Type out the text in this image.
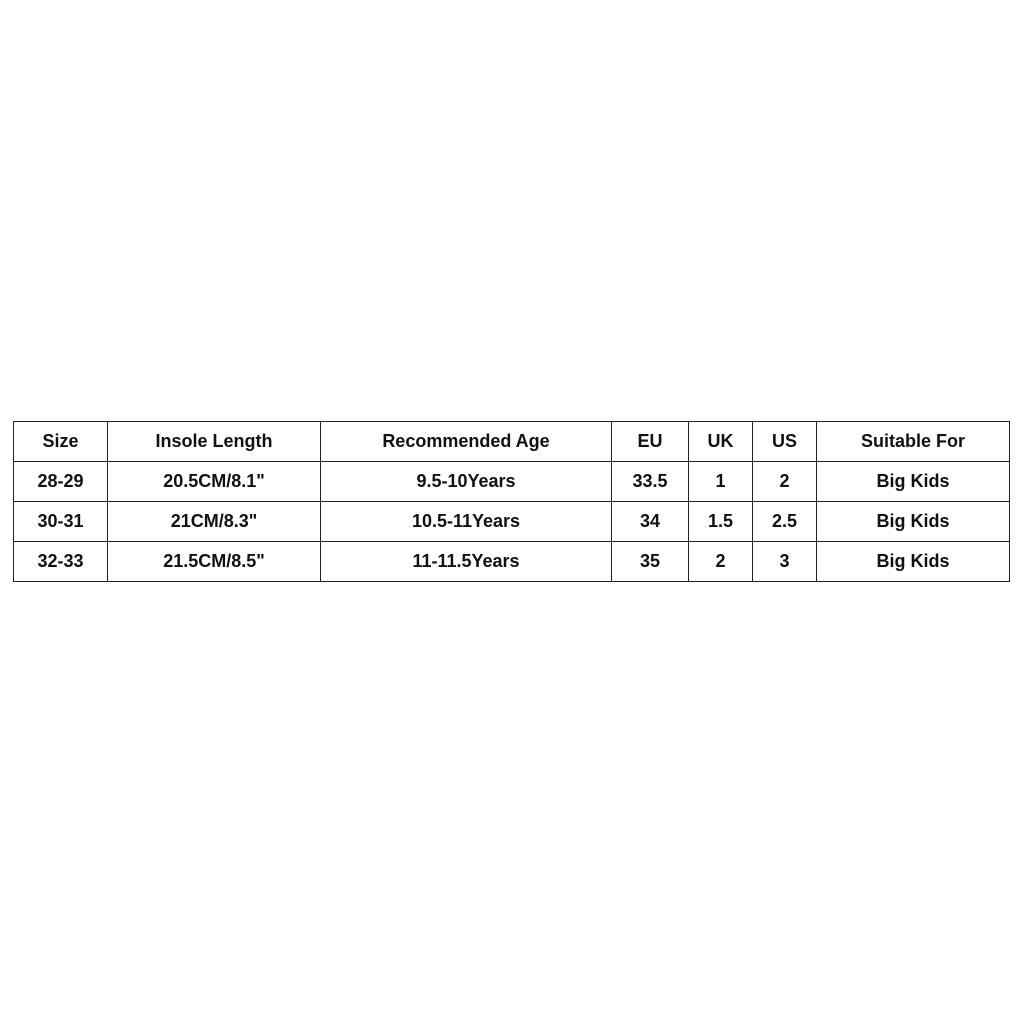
Size	Insole Length	Recommended Age	EU	UK	US	Suitable For
28-29	20.5CM/8.1"	9.5-10Years	33.5	1	2	Big Kids
30-31	21CM/8.3"	10.5-11Years	34	1.5	2.5	Big Kids
32-33	21.5CM/8.5"	11-11.5Years	35	2	3	Big Kids
